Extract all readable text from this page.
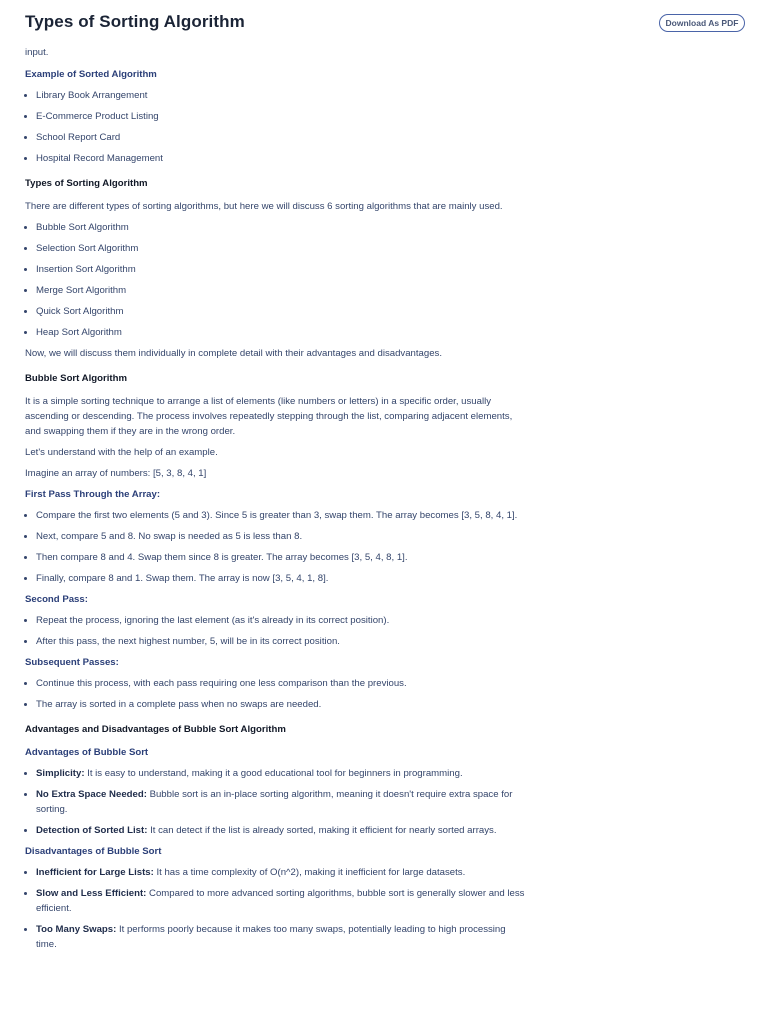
Types of Sorting Algorithm	Download As PDF
input.

Example of Sorted Algorithm

• Library Book Arrangement
• E-Commerce Product Listing
• School Report Card
• Hospital Record Management

Types of Sorting Algorithm

There are different types of sorting algorithms, but here we will discuss 6 sorting algorithms that are mainly used.

• Bubble Sort Algorithm
• Selection Sort Algorithm
• Insertion Sort Algorithm
• Merge Sort Algorithm
• Quick Sort Algorithm
• Heap Sort Algorithm

Now, we will discuss them individually in complete detail with their advantages and disadvantages.

Bubble Sort Algorithm

It is a simple sorting technique to arrange a list of elements (like numbers or letters) in a specific order, usually ascending or descending. The process involves repeatedly stepping through the list, comparing adjacent elements, and swapping them if they are in the wrong order.

Let's understand with the help of an example.

Imagine an array of numbers: [5, 3, 8, 4, 1]

First Pass Through the Array:

• Compare the first two elements (5 and 3). Since 5 is greater than 3, swap them. The array becomes [3, 5, 8, 4, 1].
• Next, compare 5 and 8. No swap is needed as 5 is less than 8.
• Then compare 8 and 4. Swap them since 8 is greater. The array becomes [3, 5, 4, 8, 1].
• Finally, compare 8 and 1. Swap them. The array is now [3, 5, 4, 1, 8].

Second Pass:

• Repeat the process, ignoring the last element (as it's already in its correct position).
• After this pass, the next highest number, 5, will be in its correct position.

Subsequent Passes:

• Continue this process, with each pass requiring one less comparison than the previous.
• The array is sorted in a complete pass when no swaps are needed.

Advantages and Disadvantages of Bubble Sort Algorithm

Advantages of Bubble Sort

• Simplicity: It is easy to understand, making it a good educational tool for beginners in programming.
• No Extra Space Needed: Bubble sort is an in-place sorting algorithm, meaning it doesn't require extra space for sorting.
• Detection of Sorted List: It can detect if the list is already sorted, making it efficient for nearly sorted arrays.

Disadvantages of Bubble Sort

• Inefficient for Large Lists: It has a time complexity of O(n^2), making it inefficient for large datasets.
• Slow and Less Efficient: Compared to more advanced sorting algorithms, bubble sort is generally slower and less efficient.
• Too Many Swaps: It performs poorly because it makes too many swaps, potentially leading to high processing time.
